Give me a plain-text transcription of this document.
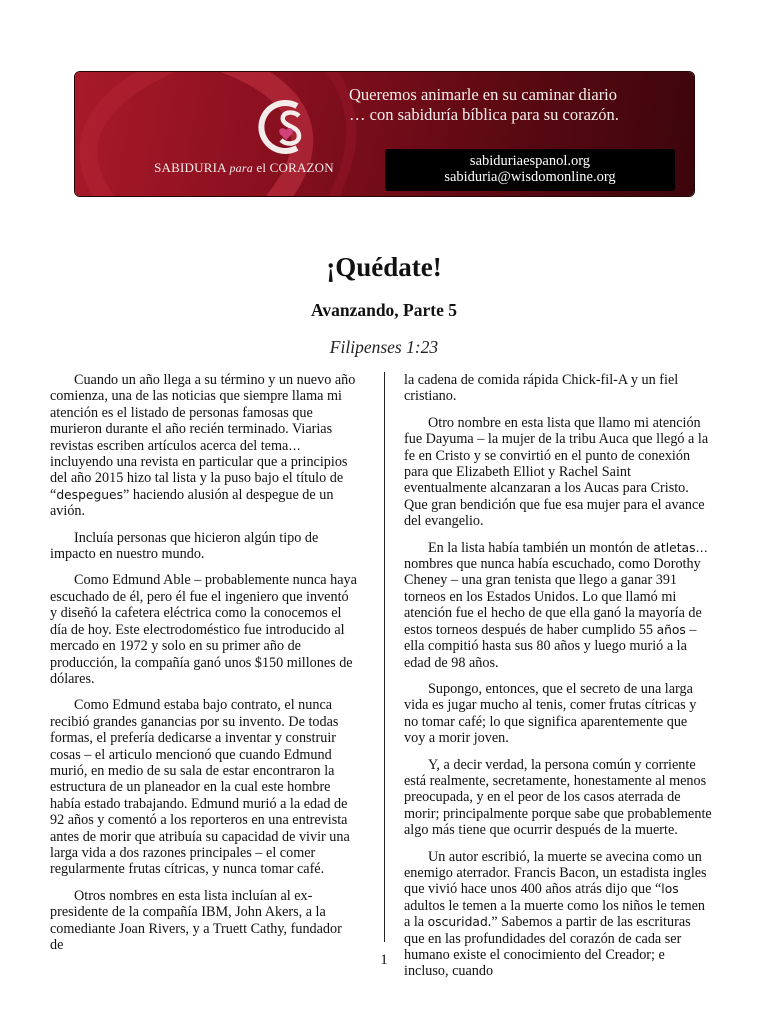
SABIDURIA para el CORAZON
Queremos animarle en su caminar diario
… con sabiduría bíblica para su corazón.
sabiduriaespanol.org
sabiduria@wisdomonline.org
¡Quédate!
Avanzando, Parte 5
Filipenses 1:23

Cuando un año llega a su término y un nuevo año comienza, una de las noticias que siempre llama mi atención es el listado de personas famosas que murieron durante el año recién terminado. Viarias revistas escriben artículos acerca del tema… incluyendo una revista en particular que a principios del año 2015 hizo tal lista y la puso bajo el título de “despegues” haciendo alusión al despegue de un avión.

Incluía personas que hicieron algún tipo de impacto en nuestro mundo.

Como Edmund Able – probablemente nunca haya escuchado de él, pero él fue el ingeniero que inventó y diseñó la cafetera eléctrica como la conocemos el día de hoy. Este electrodoméstico fue introducido al mercado en 1972 y solo en su primer año de producción, la compañía ganó unos $150 millones de dólares.

Como Edmund estaba bajo contrato, el nunca recibió grandes ganancias por su invento. De todas formas, el prefería dedicarse a inventar y construir cosas – el articulo mencionó que cuando Edmund murió, en medio de su sala de estar encontraron la estructura de un planeador en la cual este hombre había estado trabajando. Edmund murió a la edad de 92 años y comentó a los reporteros en una entrevista antes de morir que atribuía su capacidad de vivir una larga vida a dos razones principales – el comer regularmente frutas cítricas, y nunca tomar café.

Otros nombres en esta lista incluían al ex-presidente de la compañía IBM, John Akers, a la comediante Joan Rivers, y a Truett Cathy, fundador de

la cadena de comida rápida Chick-fil-A y un fiel cristiano.

Otro nombre en esta lista que llamo mi atención fue Dayuma – la mujer de la tribu Auca que llegó a la fe en Cristo y se convirtió en el punto de conexión para que Elizabeth Elliot y Rachel Saint eventualmente alcanzaran a los Aucas para Cristo. Que gran bendición que fue esa mujer para el avance del evangelio.

En la lista había también un montón de atletas… nombres que nunca había escuchado, como Dorothy Cheney – una gran tenista que llego a ganar 391 torneos en los Estados Unidos. Lo que llamó mi atención fue el hecho de que ella ganó la mayoría de estos torneos después de haber cumplido 55 años – ella compitió hasta sus 80 años y luego murió a la edad de 98 años.

Supongo, entonces, que el secreto de una larga vida es jugar mucho al tenis, comer frutas cítricas y no tomar café; lo que significa aparentemente que voy a morir joven.

Y, a decir verdad, la persona común y corriente está realmente, secretamente, honestamente al menos preocupada, y en el peor de los casos aterrada de morir; principalmente porque sabe que probablemente algo más tiene que ocurrir después de la muerte.

Un autor escribió, la muerte se avecina como un enemigo aterrador. Francis Bacon, un estadista ingles que vivió hace unos 400 años atrás dijo que “los adultos le temen a la muerte como los niños le temen a la oscuridad.” Sabemos a partir de las escrituras que en las profundidades del corazón de cada ser humano existe el conocimiento del Creador; e incluso, cuando

1
